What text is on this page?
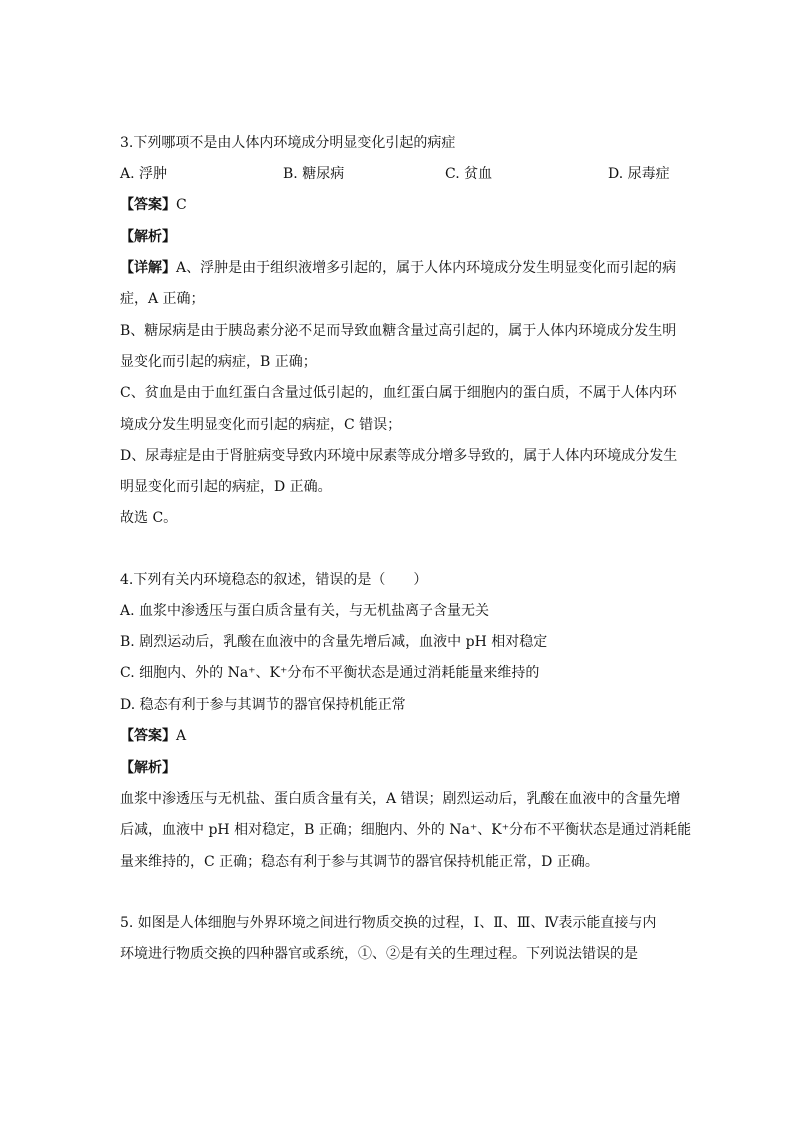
3.下列哪项不是由人体内环境成分明显变化引起的病症

A. 浮肿	B. 糖尿病	C. 贫血	D. 尿毒症

【答案】C

【解析】

【详解】A、浮肿是由于组织液增多引起的，属于人体内环境成分发生明显变化而引起的病

症，A 正确；

B、糖尿病是由于胰岛素分泌不足而导致血糖含量过高引起的，属于人体内环境成分发生明

显变化而引起的病症，B 正确；

C、贫血是由于血红蛋白含量过低引起的，血红蛋白属于细胞内的蛋白质，不属于人体内环

境成分发生明显变化而引起的病症，C 错误；

D、尿毒症是由于肾脏病变导致内环境中尿素等成分增多导致的，属于人体内环境成分发生

明显变化而引起的病症，D 正确。

故选 C。

4.下列有关内环境稳态的叙述，错误的是（　　）

A. 血浆中渗透压与蛋白质含量有关，与无机盐离子含量无关

B. 剧烈运动后，乳酸在血液中的含量先增后减，血液中 pH 相对稳定

C. 细胞内、外的 Na⁺、K⁺分布不平衡状态是通过消耗能量来维持的

D. 稳态有利于参与其调节的器官保持机能正常

【答案】A

【解析】

血浆中渗透压与无机盐、蛋白质含量有关，A 错误；剧烈运动后，乳酸在血液中的含量先增

后减，血液中 pH 相对稳定，B 正确；细胞内、外的 Na⁺、K⁺分布不平衡状态是通过消耗能

量来维持的，C 正确；稳态有利于参与其调节的器官保持机能正常，D 正确。

5. 如图是人体细胞与外界环境之间进行物质交换的过程，Ⅰ、Ⅱ、Ⅲ、Ⅳ表示能直接与内

环境进行物质交换的四种器官或系统，①、②是有关的生理过程。下列说法错误的是
